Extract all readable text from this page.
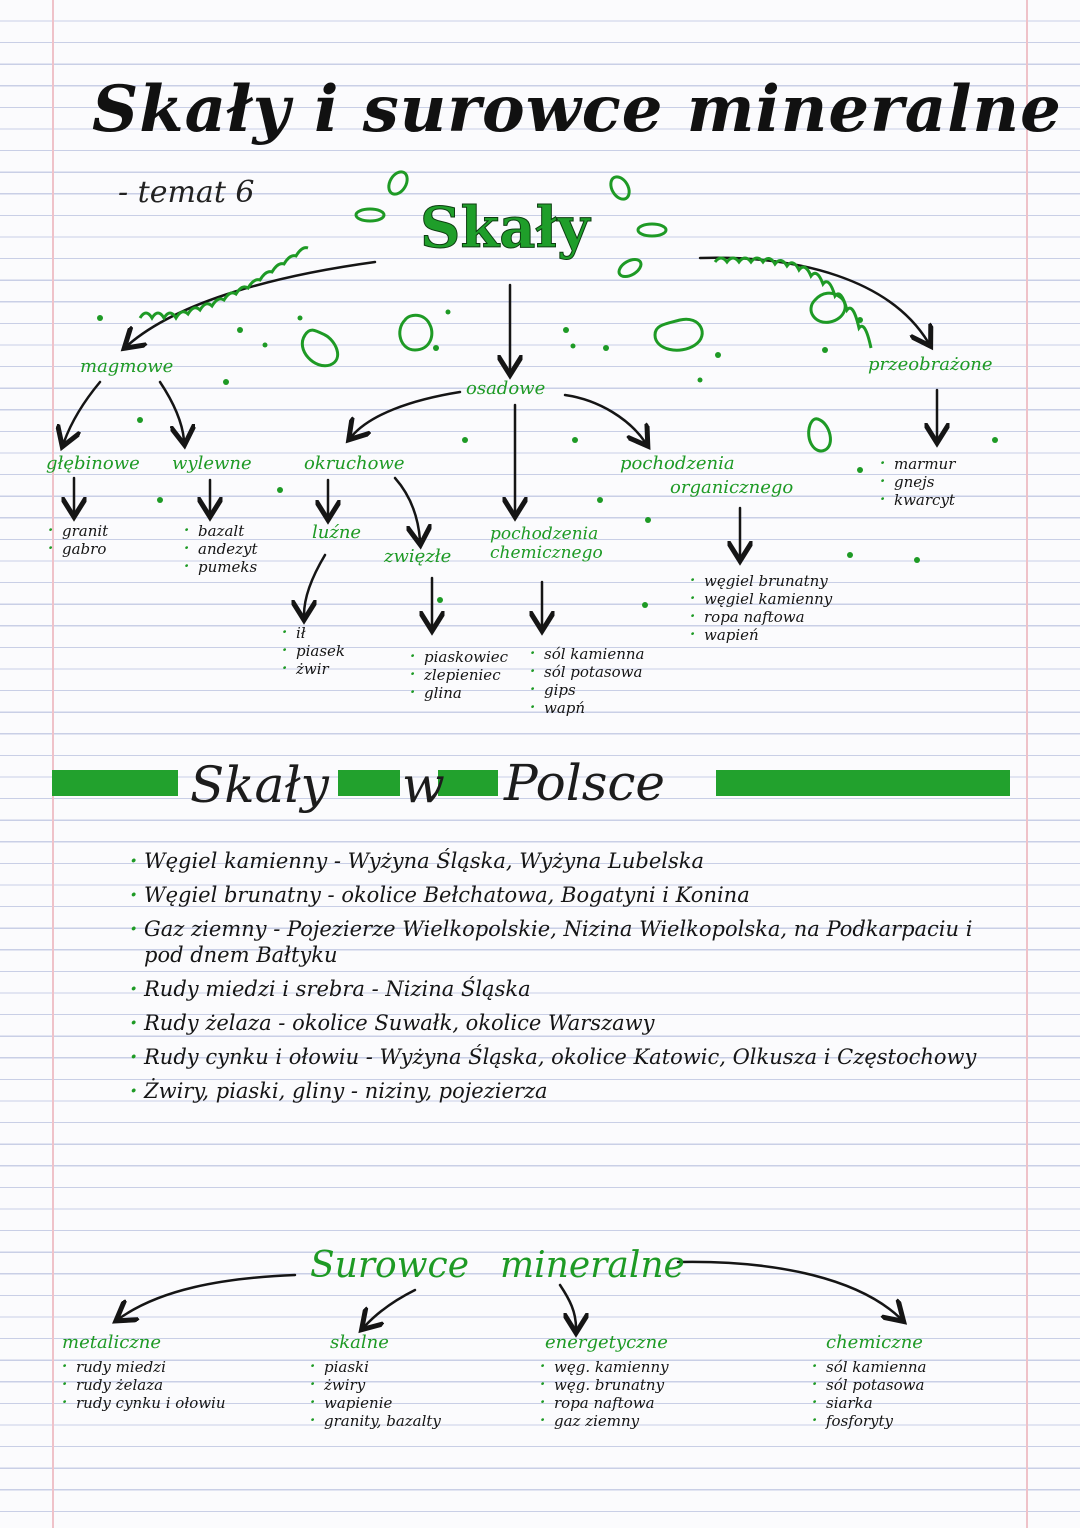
Skały i surowce mineralne
- temat 6
Skały
magmowe
osadowe
przeobrażone
głębinowe wylewne
· granit
· gabro
· bazalt
· andezyt
· pumeks
okruchowe
luźne
zwięzłe
pochodzenia chemicznego
pochodzenia
organicznego
· ił
· piasek
· żwir
· piaskowiec
· zlepieniec
· glina
· sól kamienna
· sól potasowa
· gips
· wapń
· węgiel brunatny
· węgiel kamienny
· ropa naftowa
· wapień
· marmur
· gnejs
· kwarcyt
Skały w Polsce
· Węgiel kamienny - Wyżyna Śląska, Wyżyna Lubelska
· Węgiel brunatny - okolice Bełchatowa, Bogatyni i Konina
· Gaz ziemny - Pojezierze Wielkopolskie, Nizina Wielkopolska, na Podkarpaciu i pod dnem Bałtyku
· Rudy miedzi i srebra - Nizina Śląska
· Rudy żelaza - okolice Suwałk, okolice Warszawy
· Rudy cynku i ołowiu - Wyżyna Śląska, okolice Katowic, Olkusza i Częstochowy
· Żwiry, piaski, gliny - niziny, pojezierza
Surowce mineralne
metaliczne	skalne	energetyczne	chemiczne
· rudy miedzi
· rudy żelaza
· rudy cynku i ołowiu
· piaski
· żwiry
· wapienie
· granity, bazalty
· węg. kamienny
· węg. brunatny
· ropa naftowa
· gaz ziemny
· sól kamienna
· sól potasowa
· siarka
· fosforyty
